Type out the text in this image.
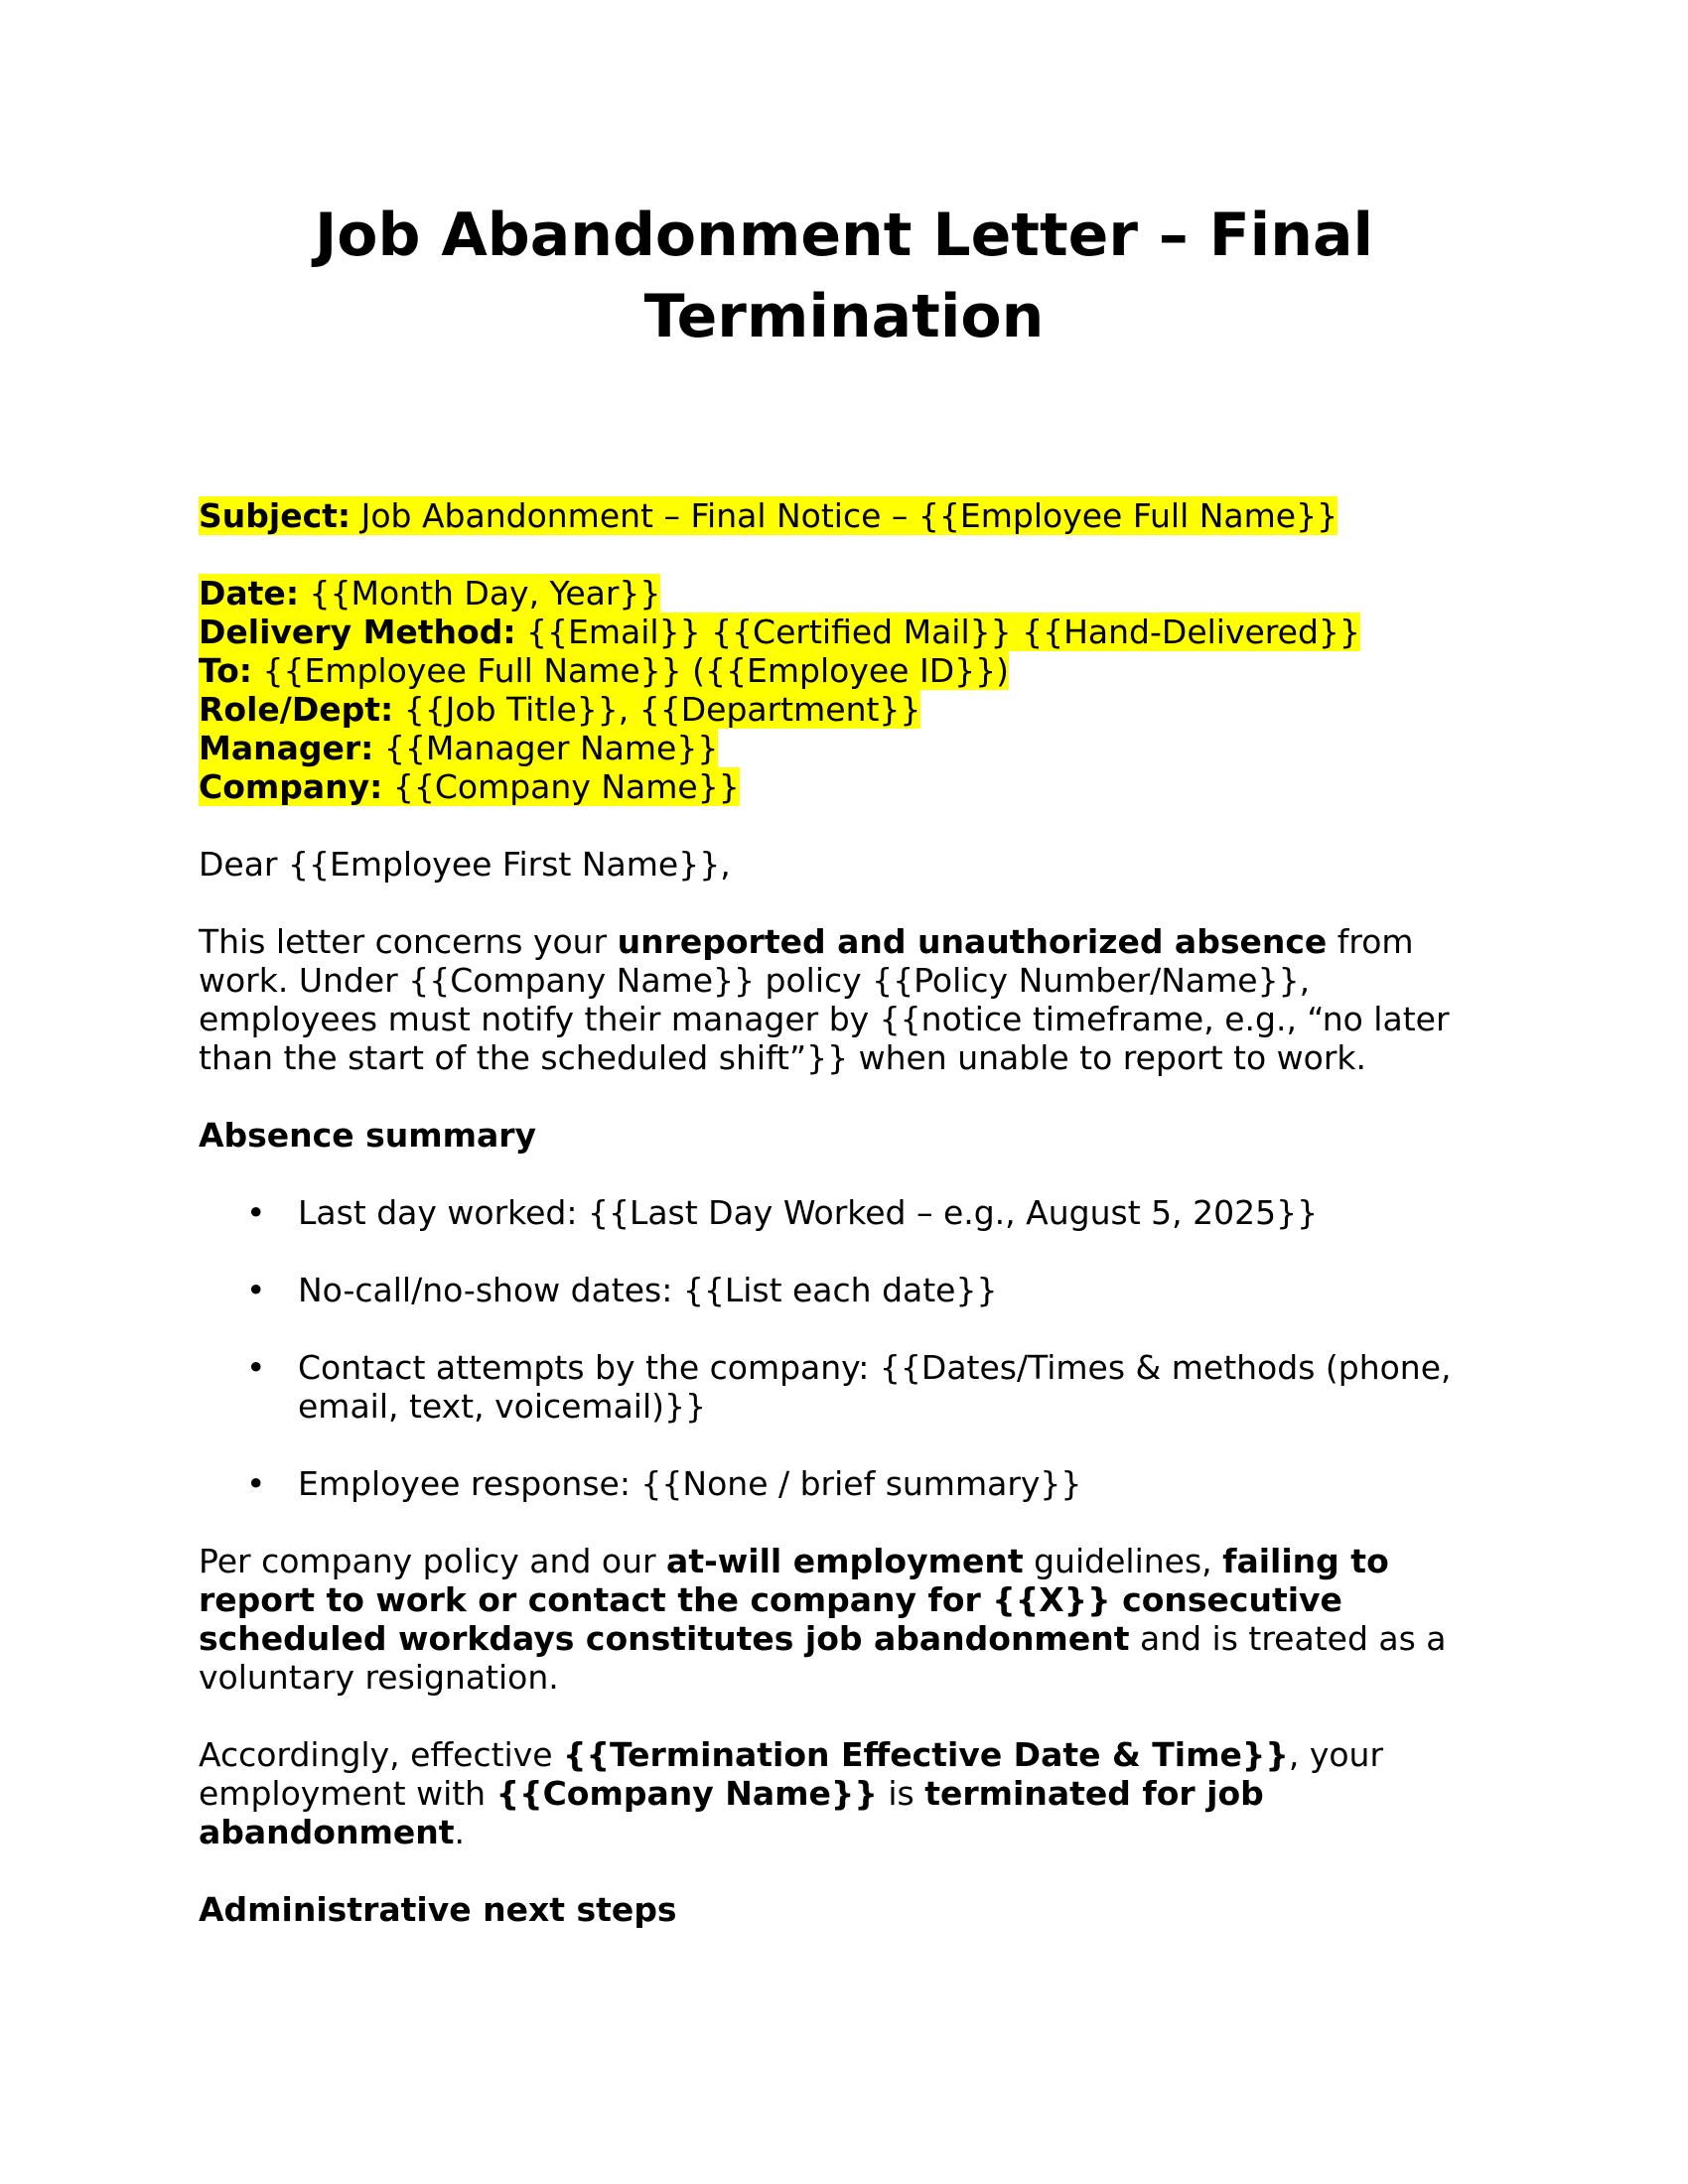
Job Abandonment Letter – Final Termination

Subject: Job Abandonment – Final Notice – {{Employee Full Name}}

Date: {{Month Day, Year}}
Delivery Method: {{Email}} {{Certified Mail}} {{Hand-Delivered}}
To: {{Employee Full Name}} ({{Employee ID}})
Role/Dept: {{Job Title}}, {{Department}}
Manager: {{Manager Name}}
Company: {{Company Name}}

Dear {{Employee First Name}},

This letter concerns your unreported and unauthorized absence from work. Under {{Company Name}} policy {{Policy Number/Name}}, employees must notify their manager by {{notice timeframe, e.g., “no later than the start of the scheduled shift”}} when unable to report to work.

Absence summary

• Last day worked: {{Last Day Worked – e.g., August 5, 2025}}
• No-call/no-show dates: {{List each date}}
• Contact attempts by the company: {{Dates/Times & methods (phone, email, text, voicemail)}}
• Employee response: {{None / brief summary}}

Per company policy and our at-will employment guidelines, failing to report to work or contact the company for {{X}} consecutive scheduled workdays constitutes job abandonment and is treated as a voluntary resignation.

Accordingly, effective {{Termination Effective Date & Time}}, your employment with {{Company Name}} is terminated for job abandonment.

Administrative next steps
